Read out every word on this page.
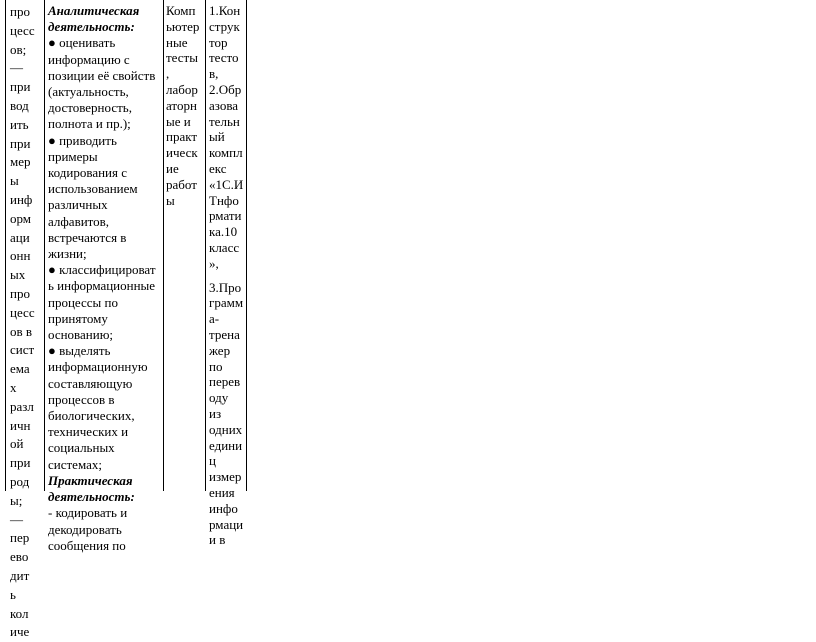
про
цесс
ов;
—
при
вод
ить
при
мер
ы
инф
орм
аци
онн
ых
про
цесс
ов в
сист
ема
х
разл
ичн
ой
при
род
ы;
—
пер
ево
дит
ь
кол
иче
Аналитическая
деятельность:
● оценивать
информацию с
позиции её свойств
(актуальность,
достоверность,
полнота и пр.);
● приводить
примеры
кодирования с
использованием
различных
алфавитов,
встречаются в
жизни;
● классифицироват
ь информационные
процессы по
принятому
основанию;
● выделять
информационную
составляющую
процессов в
биологических,
технических и
социальных
системах;
Практическая
деятельность:
- кодировать и
декодировать
сообщения по
Комп
ьютер
ные
тесты
,
лабор
аторн
ые и
практ
ическ
ие
работ
ы
1.Кон
струк
тор
тесто
в,
2.Обр
азова
тельн
ый
компл
екс
«1С.И
Тнфо
рмати
ка.10
класс
»,
3.Про
грамм
а-
трена
жер
по
перев
оду
из
одних
едини
ц
измер
ения
инфо
рмаци
и в
